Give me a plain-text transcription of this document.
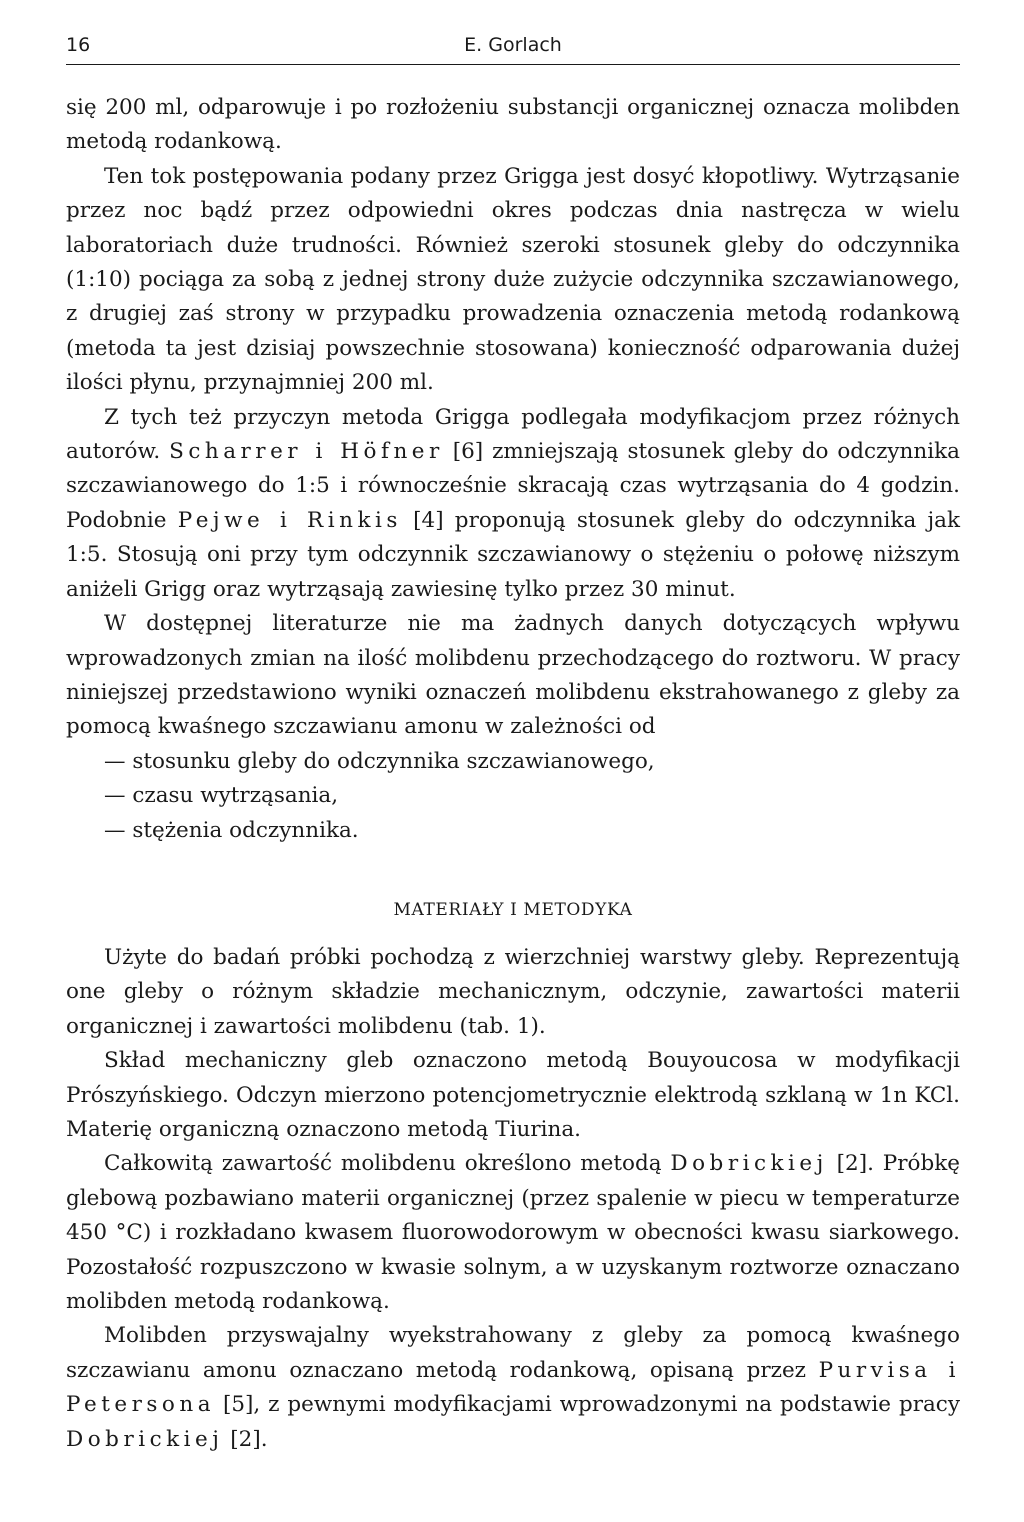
16	E. Gorlach

się 200 ml, odparowuje i po rozłożeniu substancji organicznej oznacza molibden metodą rodankową.

Ten tok postępowania podany przez Grigga jest dosyć kłopotliwy. Wytrząsanie przez noc bądź przez odpowiedni okres podczas dnia nastręcza w wielu laboratoriach duże trudności. Również szeroki stosunek gleby do odczynnika (1:10) pociąga za sobą z jednej strony duże zużycie odczynnika szczawianowego, z drugiej zaś strony w przypadku prowadzenia oznaczenia metodą rodankową (metoda ta jest dzisiaj powszechnie stosowana) konieczność odparowania dużej ilości płynu, przynajmniej 200 ml.

Z tych też przyczyn metoda Grigga podlegała modyfikacjom przez różnych autorów. Scharrer i Höfner [6] zmniejszają stosunek gleby do odczynnika szczawianowego do 1:5 i równocześnie skracają czas wytrząsania do 4 godzin. Podobnie Pejwe i Rinkis [4] proponują stosunek gleby do odczynnika jak 1:5. Stosują oni przy tym odczynnik szczawianowy o stężeniu o połowę niższym aniżeli Grigg oraz wytrząsają zawiesinę tylko przez 30 minut.

W dostępnej literaturze nie ma żadnych danych dotyczących wpływu wprowadzonych zmian na ilość molibdenu przechodzącego do roztworu. W pracy niniejszej przedstawiono wyniki oznaczeń molibdenu ekstrahowanego z gleby za pomocą kwaśnego szczawianu amonu w zależności od

— stosunku gleby do odczynnika szczawianowego,
— czasu wytrząsania,
— stężenia odczynnika.
MATERIAŁY I METODYKA

Użyte do badań próbki pochodzą z wierzchniej warstwy gleby. Reprezentują one gleby o różnym składzie mechanicznym, odczynie, zawartości materii organicznej i zawartości molibdenu (tab. 1).

Skład mechaniczny gleb oznaczono metodą Bouyoucosa w modyfikacji Prószyńskiego. Odczyn mierzono potencjometrycznie elektrodą szklaną w 1n KCl. Materię organiczną oznaczono metodą Tiurina.

Całkowitą zawartość molibdenu określono metodą Dobrickiej [2]. Próbkę glebową pozbawiano materii organicznej (przez spalenie w piecu w temperaturze 450 °C) i rozkładano kwasem fluorowodorowym w obecności kwasu siarkowego. Pozostałość rozpuszczono w kwasie solnym, a w uzyskanym roztworze oznaczano molibden metodą rodankową.

Molibden przyswajalny wyekstrahowany z gleby za pomocą kwaśnego szczawianu amonu oznaczano metodą rodankową, opisaną przez Purvisa i Petersona [5], z pewnymi modyfikacjami wprowadzonymi na podstawie pracy Dobrickiej [2].
